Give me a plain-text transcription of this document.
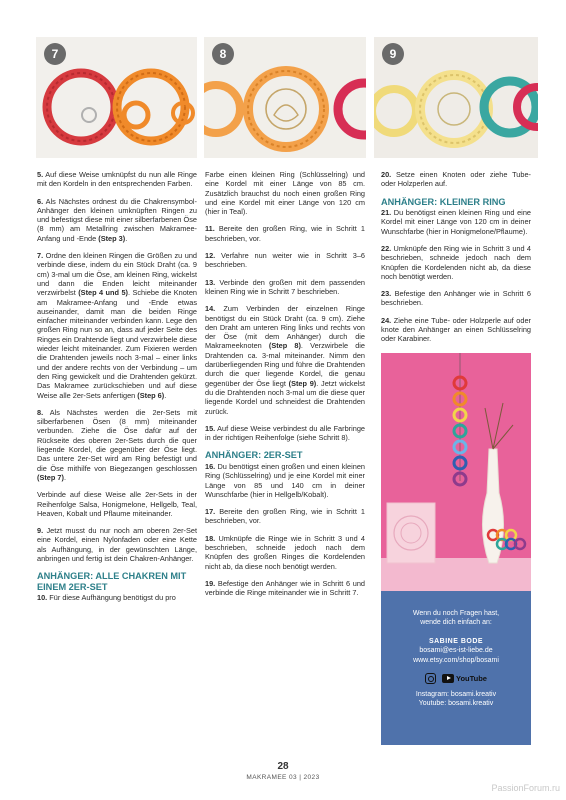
7	8	9

5. Auf diese Weise umknüpfst du nun alle Ringe mit den Kordeln in den entsprechenden Farben.

6. Als Nächstes ordnest du die Chakrensymbol-Anhänger den kleinen umknüpften Ringen zu und befestigst diese mit einer silberfarbenen Öse (8 mm) am Metallring zwischen Makramee-Anfang und -Ende (Step 3).

7. Ordne den kleinen Ringen die Größen zu und verbinde diese, indem du ein Stück Draht (ca. 9 cm) 3-mal um die Öse, am kleinen Ring, wickelst und dann die Enden leicht miteinander verzwirbelst (Step 4 und 5). Schiebe die Knoten am Makramee-Anfang und -Ende etwas auseinander, damit man die beiden Ringe einfacher miteinander verbinden kann. Lege den großen Ring nun so an, dass auf jeder Seite des Ringes ein Drahtende liegt und verzwirbele diese wieder leicht miteinander. Zum Fixieren werden die Drahtenden jeweils noch 3-mal – einer links und der andere rechts von der Verbindung – um den Ring gewickelt und die Drahtenden gekürzt. Das Makramee zurückschieben und auf diese Weise alle 2er-Sets anfertigen (Step 6).

8. Als Nächstes werden die 2er-Sets mit silberfarbenen Ösen (8 mm) miteinander verbunden. Ziehe die Öse dafür auf der Rückseite des oberen 2er-Sets durch die quer liegende Kordel, die gegenüber der Öse liegt. Das untere 2er-Set wird am Ring befestigt und die Öse mithilfe von Biegezangen geschlossen (Step 7).

Verbinde auf diese Weise alle 2er-Sets in der Reihenfolge Salsa, Honigmelone, Hellgelb, Teal, Heaven, Kobalt und Pflaume miteinander.

9. Jetzt musst du nur noch am oberen 2er-Set eine Kordel, einen Nylonfaden oder eine Kette als Aufhängung, in der gewünschten Länge, anbringen und fertig ist dein Chakren-Anhänger.

ANHÄNGER: ALLE CHAKREN MIT EINEM 2ER-SET

10. Für diese Aufhängung benötigst du pro

Farbe einen kleinen Ring (Schlüsselring) und eine Kordel mit einer Länge von 85 cm. Zusätzlich brauchst du noch einen großen Ring und eine Kordel mit einer Länge von 120 cm (hier in Teal).

11. Bereite den großen Ring, wie in Schritt 1 beschrieben, vor.

12. Verfahre nun weiter wie in Schritt 3–6 beschrieben.

13. Verbinde den großen mit dem passenden kleinen Ring wie in Schritt 7 beschrieben.

14. Zum Verbinden der einzelnen Ringe benötigst du ein Stück Draht (ca. 9 cm). Ziehe den Draht am unteren Ring links und rechts von der Öse (mit dem Anhänger) durch die Makrameeknoten (Step 8). Verzwirbele die Drahtenden ca. 3-mal miteinander. Nimm den darüberliegenden Ring und führe die Drahtenden durch die quer liegende Kordel, die genau gegenüber der Öse liegt (Step 9). Jetzt wickelst du die Drahtenden noch 3-mal um die diese quer liegende Kordel und schneidest die Drahtenden zurück.

15. Auf diese Weise verbindest du alle Farbringe in der richtigen Reihenfolge (siehe Schritt 8).

ANHÄNGER: 2ER-SET

16. Du benötigst einen großen und einen kleinen Ring (Schlüsselring) und je eine Kordel mit einer Länge von 85 und 140 cm in deiner Wunschfarbe (hier in Hellgelb/Kobalt).

17. Bereite den großen Ring, wie in Schritt 1 beschrieben, vor.

18. Umknüpfe die Ringe wie in Schritt 3 und 4 beschrieben, schneide jedoch nach dem Knüpfen des großen Ringes die Kordelenden nicht ab, da diese noch benötigt werden.

19. Befestige den Anhänger wie in Schritt 6 und verbinde die Ringe miteinander wie in Schritt 7.

20. Setze einen Knoten oder ziehe Tube- oder Holzperlen auf.

ANHÄNGER: KLEINER RING

21. Du benötigst einen kleinen Ring und eine Kordel mit einer Länge von 120 cm in deiner Wunschfarbe (hier in Honigmelone/Pflaume).

22. Umknüpfe den Ring wie in Schritt 3 und 4 beschrieben, schneide jedoch nach dem Knüpfen die Kordelenden nicht ab, da diese noch benötigt werden.

23. Befestige den Anhänger wie in Schritt 6 beschrieben.

24. Ziehe eine Tube- oder Holzperle auf oder knote den Anhänger an einen Schlüsselring oder Karabiner.

Wenn du noch Fragen hast,
wende dich einfach an:
SABINE BODE
bosami@es-ist-liebe.de
www.etsy.com/shop/bosami
YouTube
Instagram: bosami.kreativ
Youtube: bosami.kreativ
28
MAKRAMEE 03 | 2023
PassionForum.ru
